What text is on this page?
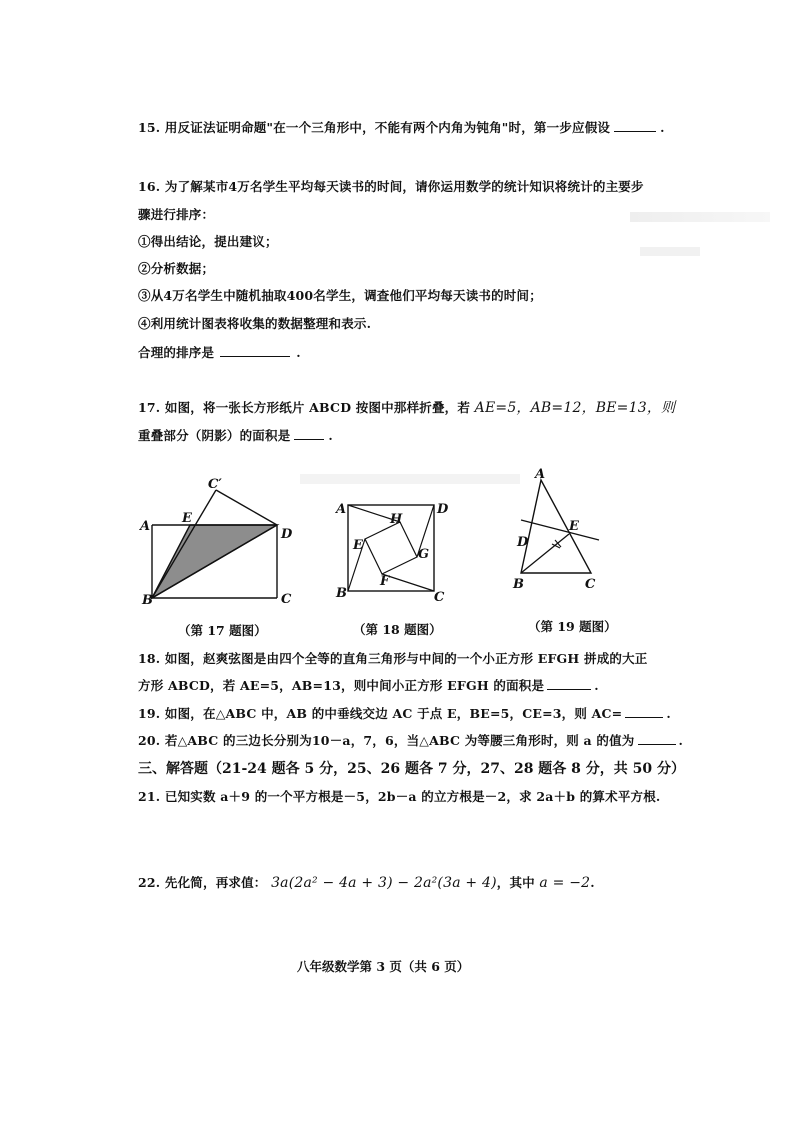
15. 用反证法证明命题"在一个三角形中，不能有两个内角为钝角"时，第一步应假设	.
16. 为了解某市4万名学生平均每天读书的时间，请你运用数学的统计知识将统计的主要步
骤进行排序：
①得出结论，提出建议；
②分析数据；
③从4万名学生中随机抽取400名学生，调查他们平均每天读书的时间；
④利用统计图表将收集的数据整理和表示.
合理的排序是	.
17. 如图，将一张长方形纸片 ABCD 按图中那样折叠，若 AE=5，AB=12，BE=13，则
重叠部分（阴影）的面积是	.
A
E
C′
D
B	C
A	D
H
E
G
F
B	C
A
E
D
B	C
（第 17 题图）	（第 18 题图）	（第 19 题图）
18. 如图，赵爽弦图是由四个全等的直角三角形与中间的一个小正方形 EFGH 拼成的大正
方形 ABCD，若 AE=5，AB=13，则中间小正方形 EFGH 的面积是	.
19. 如图，在△ABC 中，AB 的中垂线交边 AC 于点 E，BE=5，CE=3，则 AC=	.
20. 若△ABC 的三边长分别为10－a，7，6，当△ABC 为等腰三角形时，则 a 的值为	.
三、解答题（21-24 题各 5 分，25、26 题各 7 分，27、28 题各 8 分，共 50 分）
21. 已知实数 a＋9 的一个平方根是－5，2b－a 的立方根是－2，求 2a＋b 的算术平方根.
22. 先化简，再求值： 3a(2a² − 4a + 3) − 2a²(3a + 4)，其中 a = −2.
八年级数学第 3 页（共 6 页）
